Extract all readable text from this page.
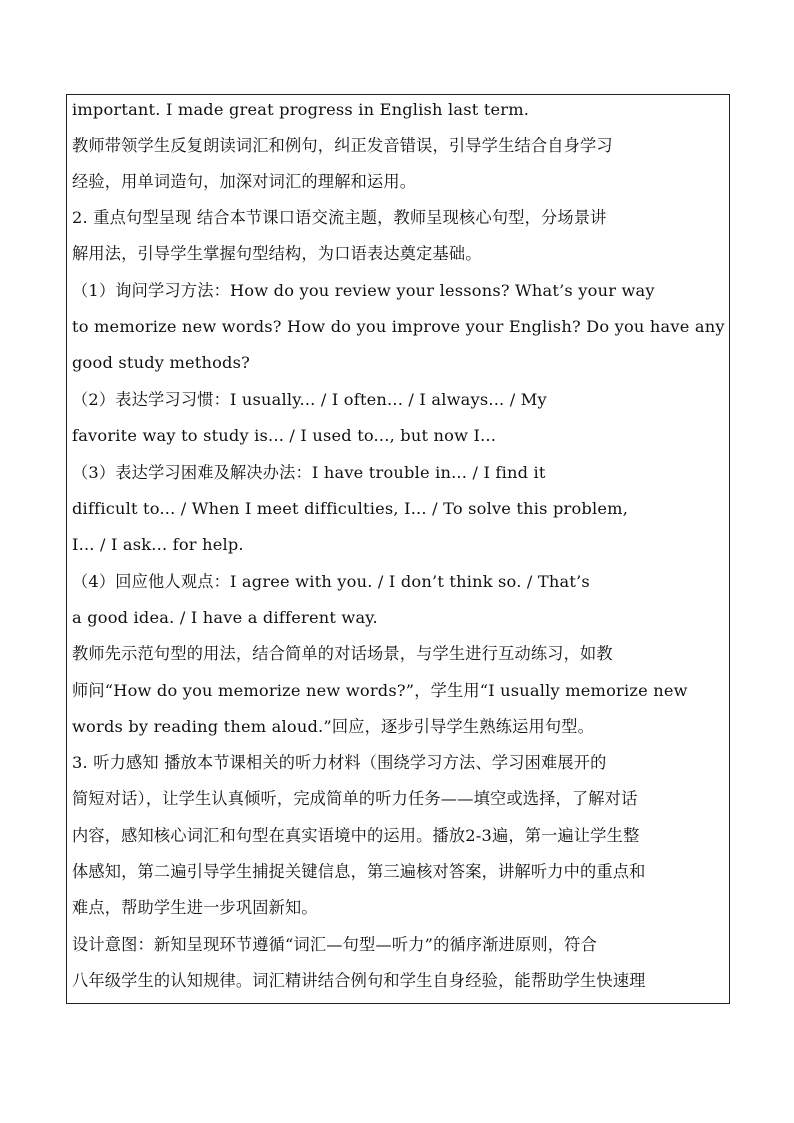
important. I made great progress in English last term.
教师带领学生反复朗读词汇和例句，纠正发音错误，引导学生结合自身学习
经验，用单词造句，加深对词汇的理解和运用。
2. 重点句型呈现 结合本节课口语交流主题，教师呈现核心句型，分场景讲
解用法，引导学生掌握句型结构，为口语表达奠定基础。
（1）询问学习方法：How do you review your lessons? What’s your way
to memorize new words? How do you improve your English? Do you have any
good study methods?
（2）表达学习习惯：I usually... / I often... / I always... / My
favorite way to study is... / I used to..., but now I...
（3）表达学习困难及解决办法：I have trouble in... / I find it
difficult to... / When I meet difficulties, I... / To solve this problem,
I... / I ask... for help.
（4）回应他人观点：I agree with you. / I don’t think so. / That’s
a good idea. / I have a different way.
教师先示范句型的用法，结合简单的对话场景，与学生进行互动练习，如教
师问“How do you memorize new words?”，学生用“I usually memorize new
words by reading them aloud.”回应，逐步引导学生熟练运用句型。
3. 听力感知 播放本节课相关的听力材料（围绕学习方法、学习困难展开的
简短对话），让学生认真倾听，完成简单的听力任务——填空或选择，了解对话
内容，感知核心词汇和句型在真实语境中的运用。播放2-3遍，第一遍让学生整
体感知，第二遍引导学生捕捉关键信息，第三遍核对答案，讲解听力中的重点和
难点，帮助学生进一步巩固新知。
设计意图：新知呈现环节遵循“词汇—句型—听力”的循序渐进原则，符合
八年级学生的认知规律。词汇精讲结合例句和学生自身经验，能帮助学生快速理
